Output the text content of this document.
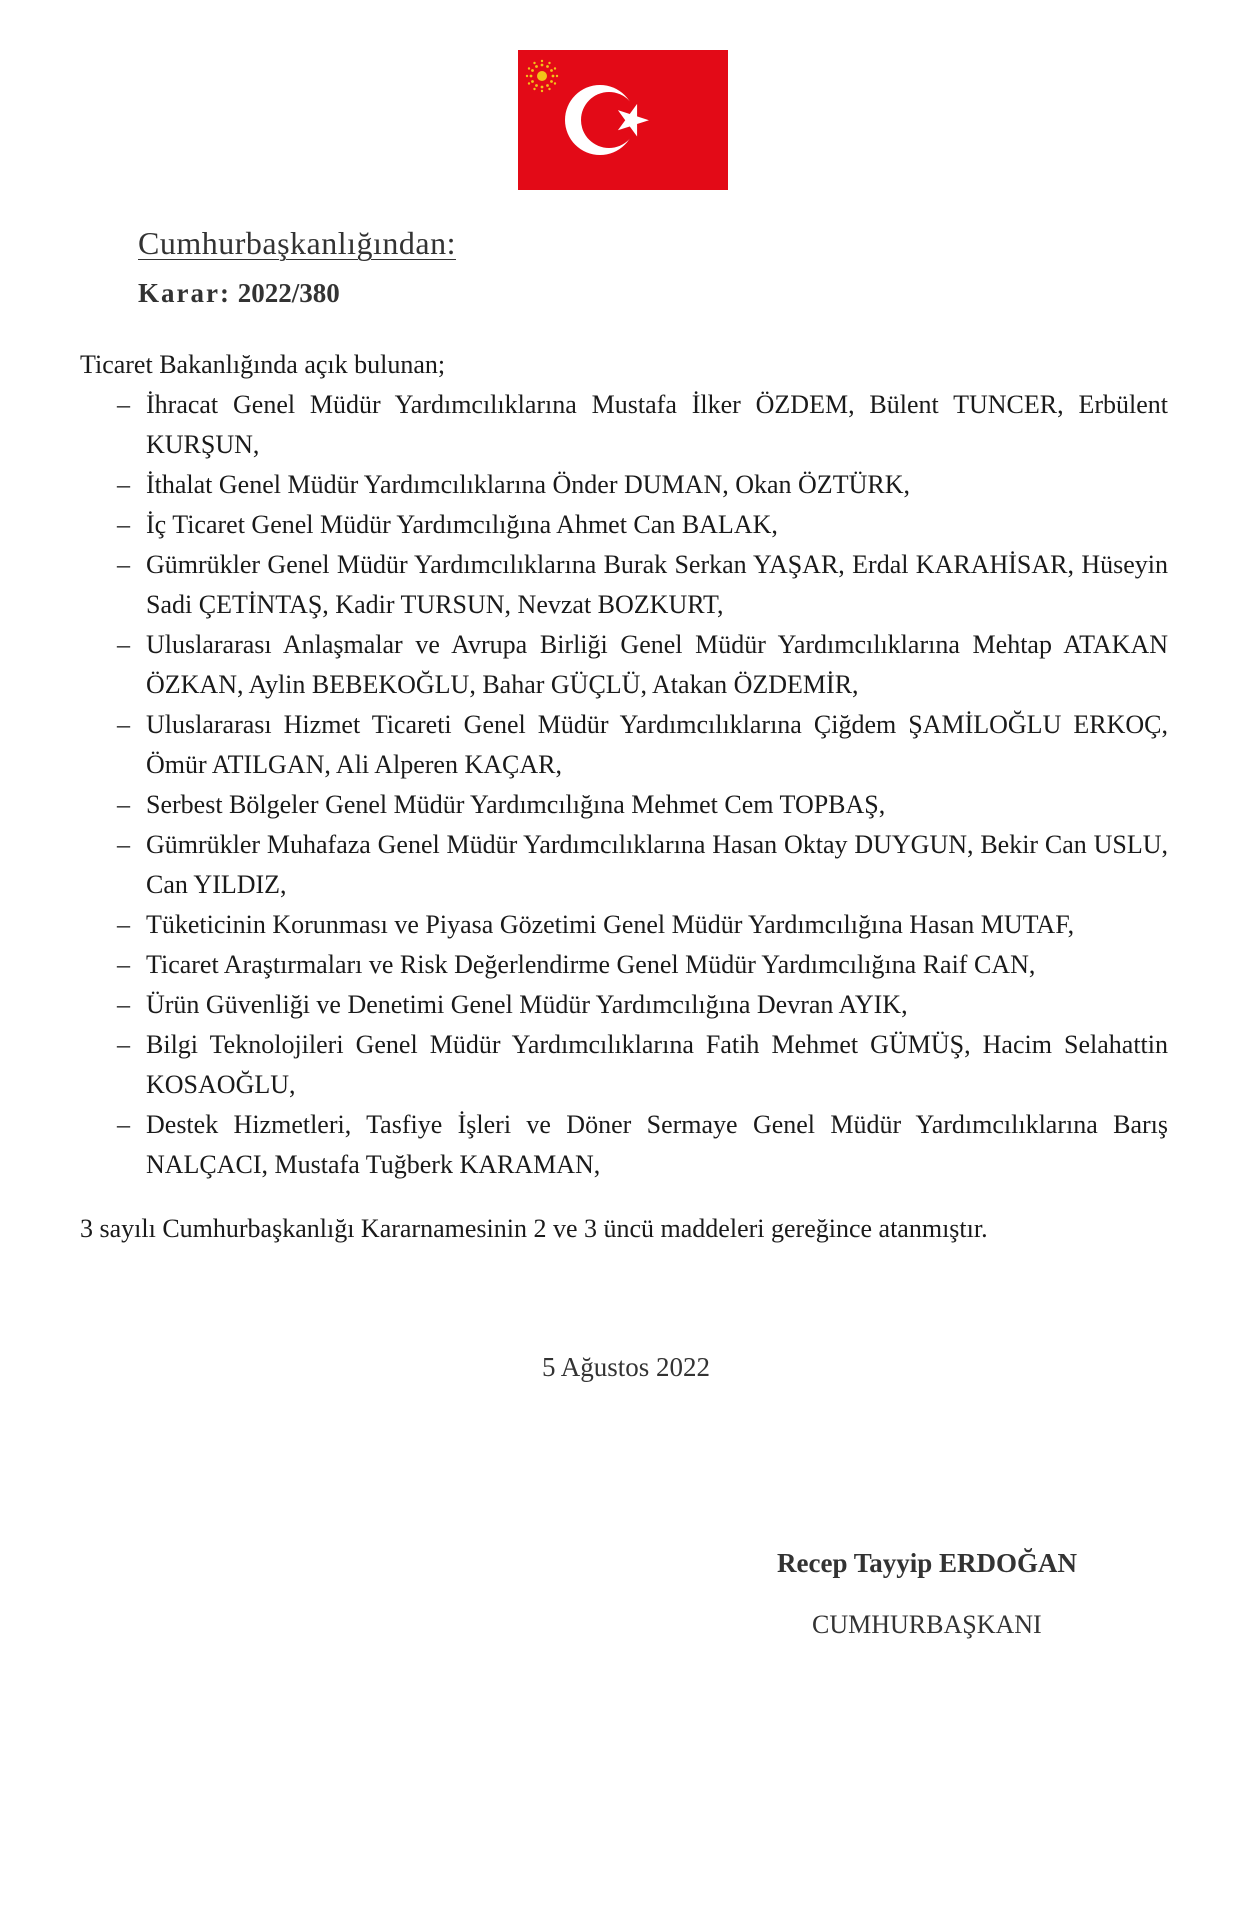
Cumhurbaşkanlığından:
Karar: 2022/380
Ticaret Bakanlığında açık bulunan;
– İhracat Genel Müdür Yardımcılıklarına Mustafa İlker ÖZDEM, Bülent TUNCER, Erbülent KURŞUN,
– İthalat Genel Müdür Yardımcılıklarına Önder DUMAN, Okan ÖZTÜRK,
– İç Ticaret Genel Müdür Yardımcılığına Ahmet Can BALAK,
– Gümrükler Genel Müdür Yardımcılıklarına Burak Serkan YAŞAR, Erdal KARAHİSAR, Hüseyin Sadi ÇETİNTAŞ, Kadir TURSUN, Nevzat BOZKURT,
– Uluslararası Anlaşmalar ve Avrupa Birliği Genel Müdür Yardımcılıklarına Mehtap ATAKAN ÖZKAN, Aylin BEBEKOĞLU, Bahar GÜÇLÜ, Atakan ÖZDEMİR,
– Uluslararası Hizmet Ticareti Genel Müdür Yardımcılıklarına Çiğdem ŞAMİLOĞLU ERKOÇ, Ömür ATILGAN, Ali Alperen KAÇAR,
– Serbest Bölgeler Genel Müdür Yardımcılığına Mehmet Cem TOPBAŞ,
– Gümrükler Muhafaza Genel Müdür Yardımcılıklarına Hasan Oktay DUYGUN, Bekir Can USLU, Can YILDIZ,
– Tüketicinin Korunması ve Piyasa Gözetimi Genel Müdür Yardımcılığına Hasan MUTAF,
– Ticaret Araştırmaları ve Risk Değerlendirme Genel Müdür Yardımcılığına Raif CAN,
– Ürün Güvenliği ve Denetimi Genel Müdür Yardımcılığına Devran AYIK,
– Bilgi Teknolojileri Genel Müdür Yardımcılıklarına Fatih Mehmet GÜMÜŞ, Hacim Selahattin KOSAOĞLU,
– Destek Hizmetleri, Tasfiye İşleri ve Döner Sermaye Genel Müdür Yardımcılıklarına Barış NALÇACI, Mustafa Tuğberk KARAMAN,
3 sayılı Cumhurbaşkanlığı Kararnamesinin 2 ve 3 üncü maddeleri gereğince atanmıştır.
5 Ağustos 2022
Recep Tayyip ERDOĞAN
CUMHURBAŞKANI
